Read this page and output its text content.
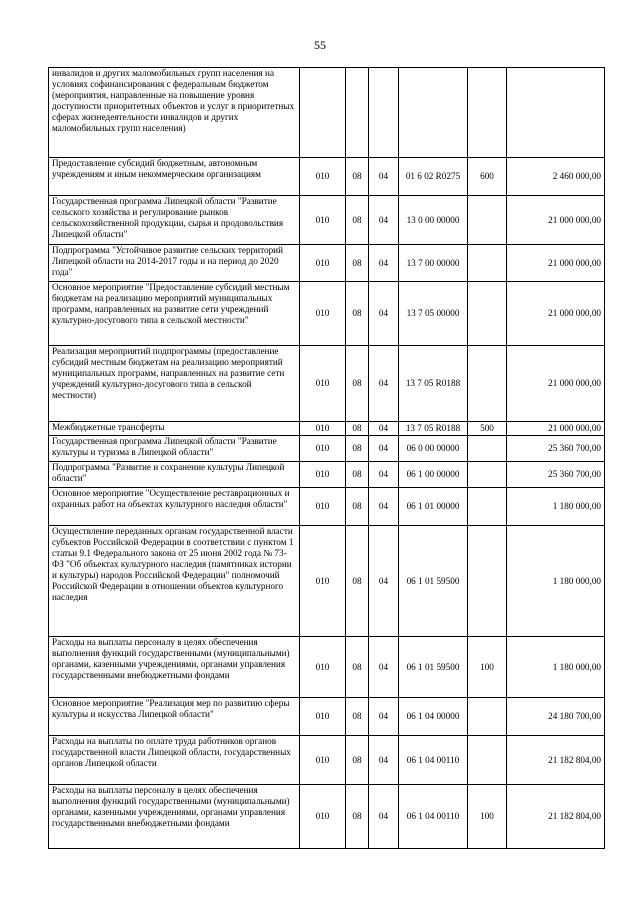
55
инвалидов и других маломобильных групп населения на условиях софинансирования с федеральным бюджетом (мероприятия, направленные на повышение уровня доступности приоритетных объектов и услуг в приоритетных сферах жизнедеятельности инвалидов и других маломобильных групп населения)						
Предоставление субсидий бюджетным, автономным учреждениям и иным некоммерческим организациям	010	08	04	01 6 02 R0275	600	2 460 000,00
Государственная программа Липецкой области "Развитие сельского хозяйства и регулирование рынков сельскохозяйственной продукции, сырья и продовольствия Липецкой области"	010	08	04	13 0 00 00000		21 000 000,00
Подпрограмма "Устойчивое развитие сельских территорий Липецкой области на 2014-2017 годы и на период до 2020 года"	010	08	04	13 7 00 00000		21 000 000,00
Основное мероприятие "Предоставление субсидий местным бюджетам на реализацию мероприятий муниципальных программ, направленных на развитие сети учреждений культурно-досугового типа в сельской местности"	010	08	04	13 7 05 00000		21 000 000,00
Реализация мероприятий подпрограммы (предоставление субсидий местным бюджетам на реализацию мероприятий муниципальных программ, направленных на развитие сети учреждений культурно-досугового типа в сельской местности)	010	08	04	13 7 05 R0188		21 000 000,00
Межбюджетные трансферты	010	08	04	13 7 05 R0188	500	21 000 000,00
Государственная программа Липецкой области "Развитие культуры и туризма в Липецкой области"	010	08	04	06 0 00 00000		25 360 700,00
Подпрограмма "Развитие и сохранение культуры Липецкой области"	010	08	04	06 1 00 00000		25 360 700,00
Основное мероприятие "Осуществление реставрационных и охранных работ на объектах культурного наследия области"	010	08	04	06 1 01 00000		1 180 000,00
Осуществление переданных органам государственной власти субъектов Российской Федерации в соответствии с пунктом 1 статьи 9.1 Федерального закона от 25 июня 2002 года № 73-ФЗ "Об объектах культурного наследия (памятниках истории и культуры) народов Российской Федерации" полномочий Российской Федерации в отношении объектов культурного наследия	010	08	04	06 1 01 59500		1 180 000,00
Расходы на выплаты персоналу в целях обеспечения выполнения функций государственными (муниципальными) органами, казенными учреждениями, органами управления государственными внебюджетными фондами	010	08	04	06 1 01 59500	100	1 180 000,00
Основное мероприятие "Реализация мер по развитию сферы культуры и искусства Липецкой области"	010	08	04	06 1 04 00000		24 180 700,00
Расходы на выплаты по оплате труда работников органов государственной власти Липецкой области, государственных органов Липецкой области	010	08	04	06 1 04 00110		21 182 804,00
Расходы на выплаты персоналу в целях обеспечения выполнения функций государственными (муниципальными) органами, казенными учреждениями, органами управления государственными внебюджетными фондами	010	08	04	06 1 04 00110	100	21 182 804,00
